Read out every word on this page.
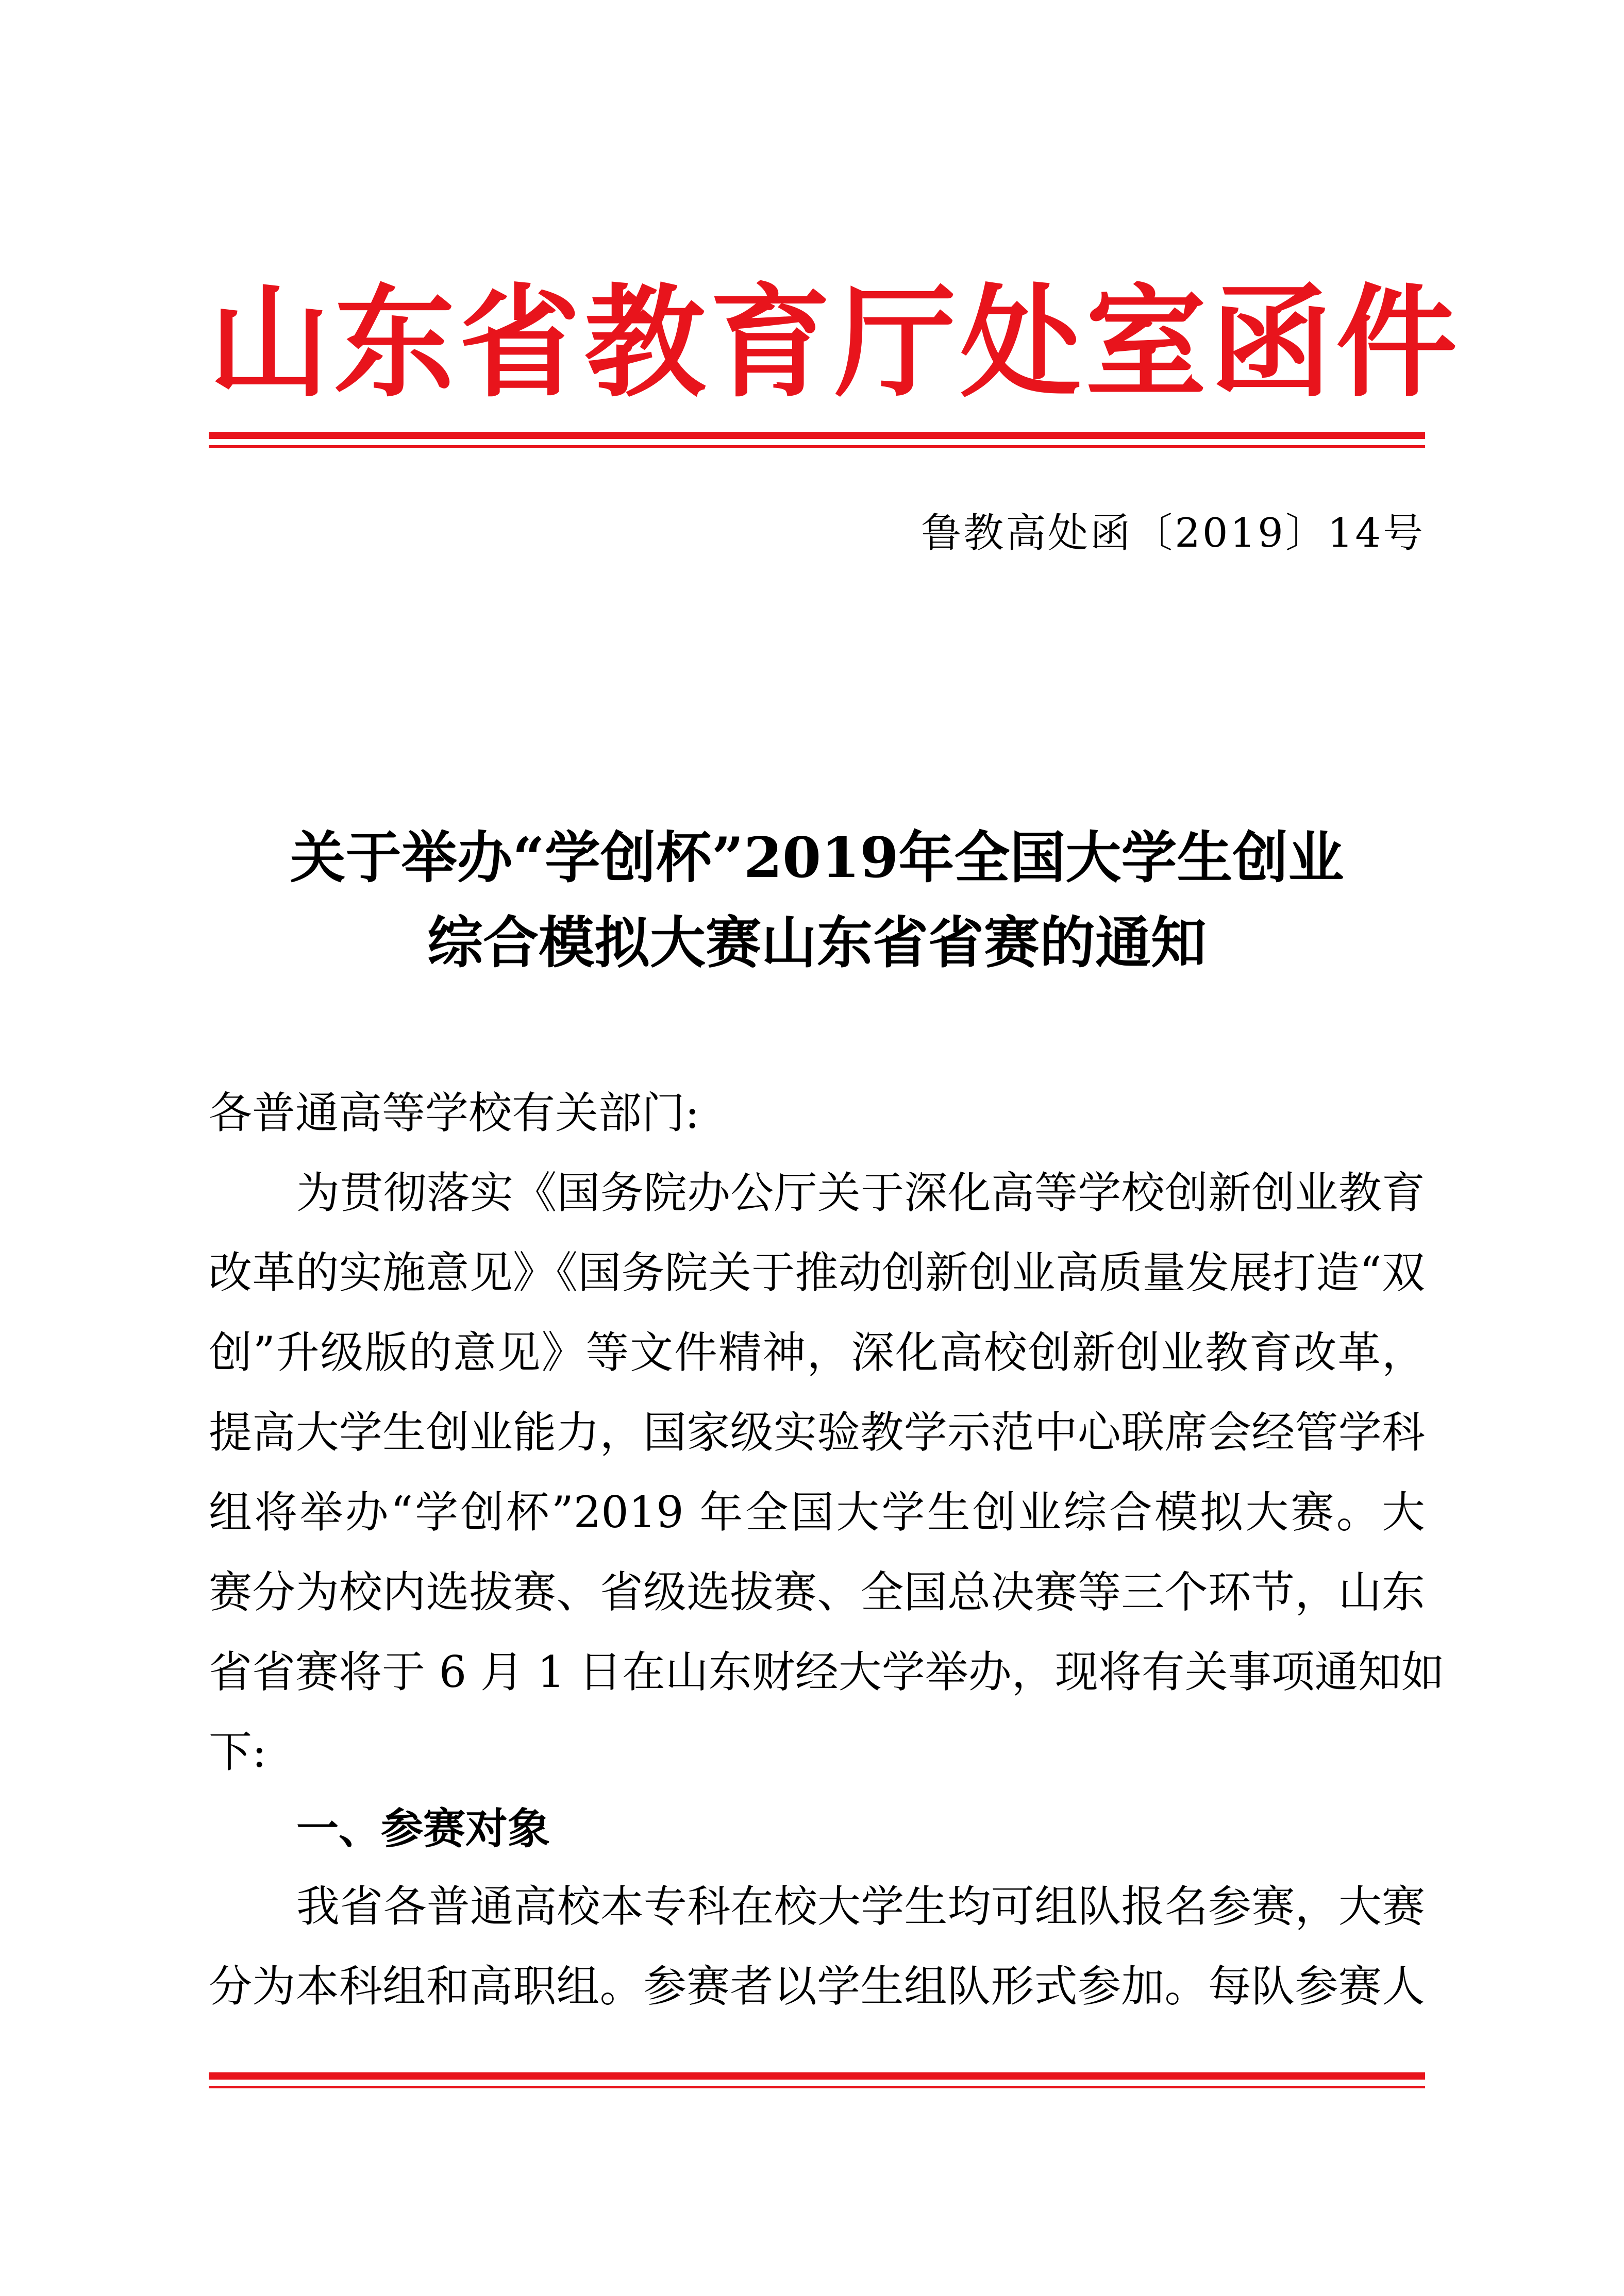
山东省教育厅处室函件
鲁教高处函〔2019〕14号
关于举办“学创杯”2019年全国大学生创业
综合模拟大赛山东省省赛的通知
各普通高等学校有关部门:
为贯彻落实《国务院办公厅关于深化高等学校创新创业教育
改革的实施意见》《国务院关于推动创新创业高质量发展打造“双
创”升级版的意见》等文件精神，深化高校创新创业教育改革，
提高大学生创业能力，国家级实验教学示范中心联席会经管学科
组将举办“学创杯”2019 年全国大学生创业综合模拟大赛。大
赛分为校内选拔赛、省级选拔赛、全国总决赛等三个环节，山东
省省赛将于 6 月 1 日在山东财经大学举办，现将有关事项通知如
下:
一、参赛对象
我省各普通高校本专科在校大学生均可组队报名参赛，大赛
分为本科组和高职组。参赛者以学生组队形式参加。每队参赛人
